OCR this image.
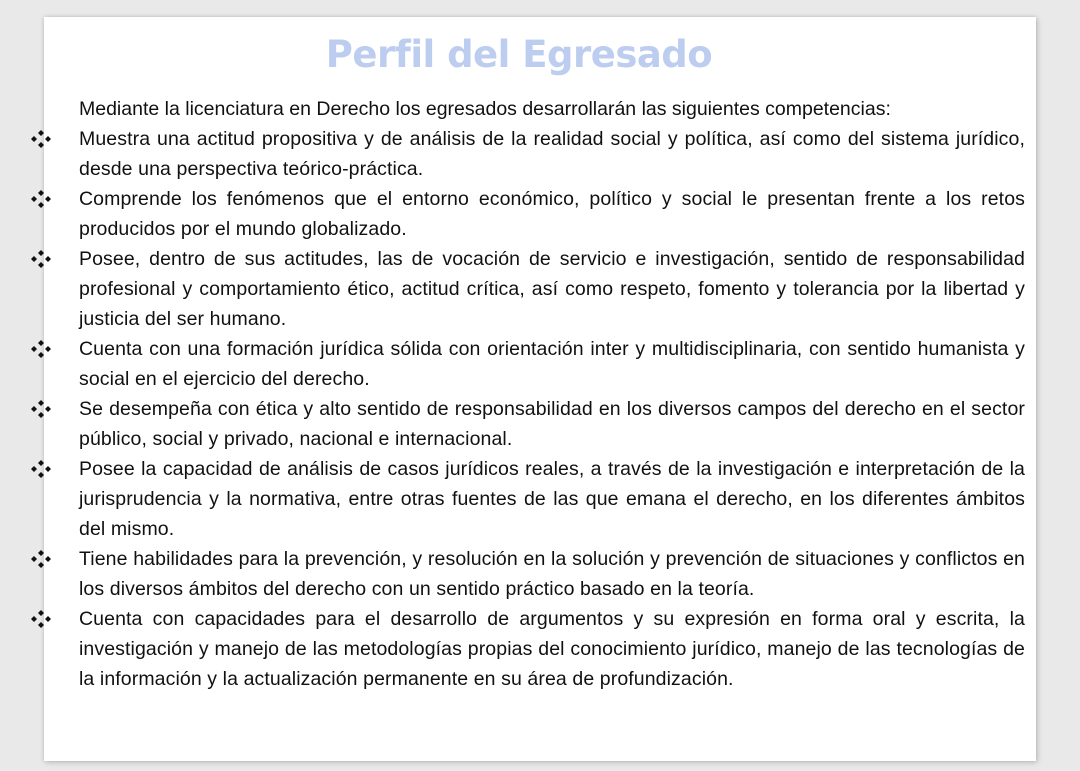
Perfil del Egresado

Mediante la licenciatura en Derecho los egresados desarrollarán las siguientes competencias:

Muestra una actitud propositiva y de análisis de la realidad social y política, así como del sistema jurídico, desde una perspectiva teórico-práctica.
Comprende los fenómenos que el entorno económico, político y social le presentan frente a los retos producidos por el mundo globalizado.
Posee, dentro de sus actitudes, las de vocación de servicio e investigación, sentido de responsabilidad profesional y comportamiento ético, actitud crítica, así como respeto, fomento y tolerancia por la libertad y justicia del ser humano.
Cuenta con una formación jurídica sólida con orientación inter y multidisciplinaria, con sentido humanista y social en el ejercicio del derecho.
Se desempeña con ética y alto sentido de responsabilidad en los diversos campos del derecho en el sector público, social y privado, nacional e internacional.
Posee la capacidad de análisis de casos jurídicos reales, a través de la investigación e interpretación de la jurisprudencia y la normativa, entre otras fuentes de las que emana el derecho, en los diferentes ámbitos del mismo.
Tiene habilidades para la prevención, y resolución en la solución y prevención de situaciones y conflictos en los diversos ámbitos del derecho con un sentido práctico basado en la teoría.
Cuenta con capacidades para el desarrollo de argumentos y su expresión en forma oral y escrita, la investigación y manejo de las metodologías propias del conocimiento jurídico, manejo de las tecnologías de la información y la actualización permanente en su área de profundización.
